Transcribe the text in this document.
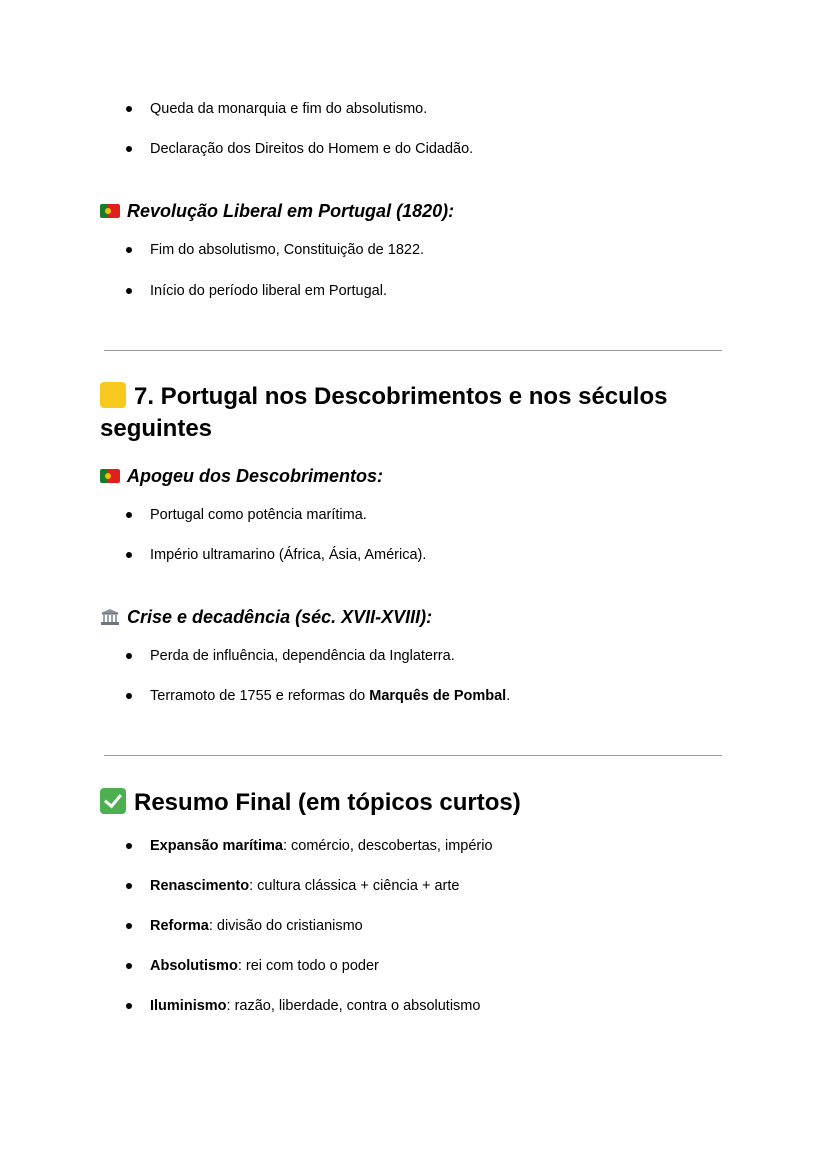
Queda da monarquia e fim do absolutismo.
Declaração dos Direitos do Homem e do Cidadão.
Revolução Liberal em Portugal (1820):
Fim do absolutismo, Constituição de 1822.
Início do período liberal em Portugal.
7. Portugal nos Descobrimentos e nos séculos seguintes
Apogeu dos Descobrimentos:
Portugal como potência marítima.
Império ultramarino (África, Ásia, América).
Crise e decadência (séc. XVII-XVIII):
Perda de influência, dependência da Inglaterra.
Terramoto de 1755 e reformas do Marquês de Pombal.
Resumo Final (em tópicos curtos)
Expansão marítima: comércio, descobertas, império
Renascimento: cultura clássica + ciência + arte
Reforma: divisão do cristianismo
Absolutismo: rei com todo o poder
Iluminismo: razão, liberdade, contra o absolutismo
